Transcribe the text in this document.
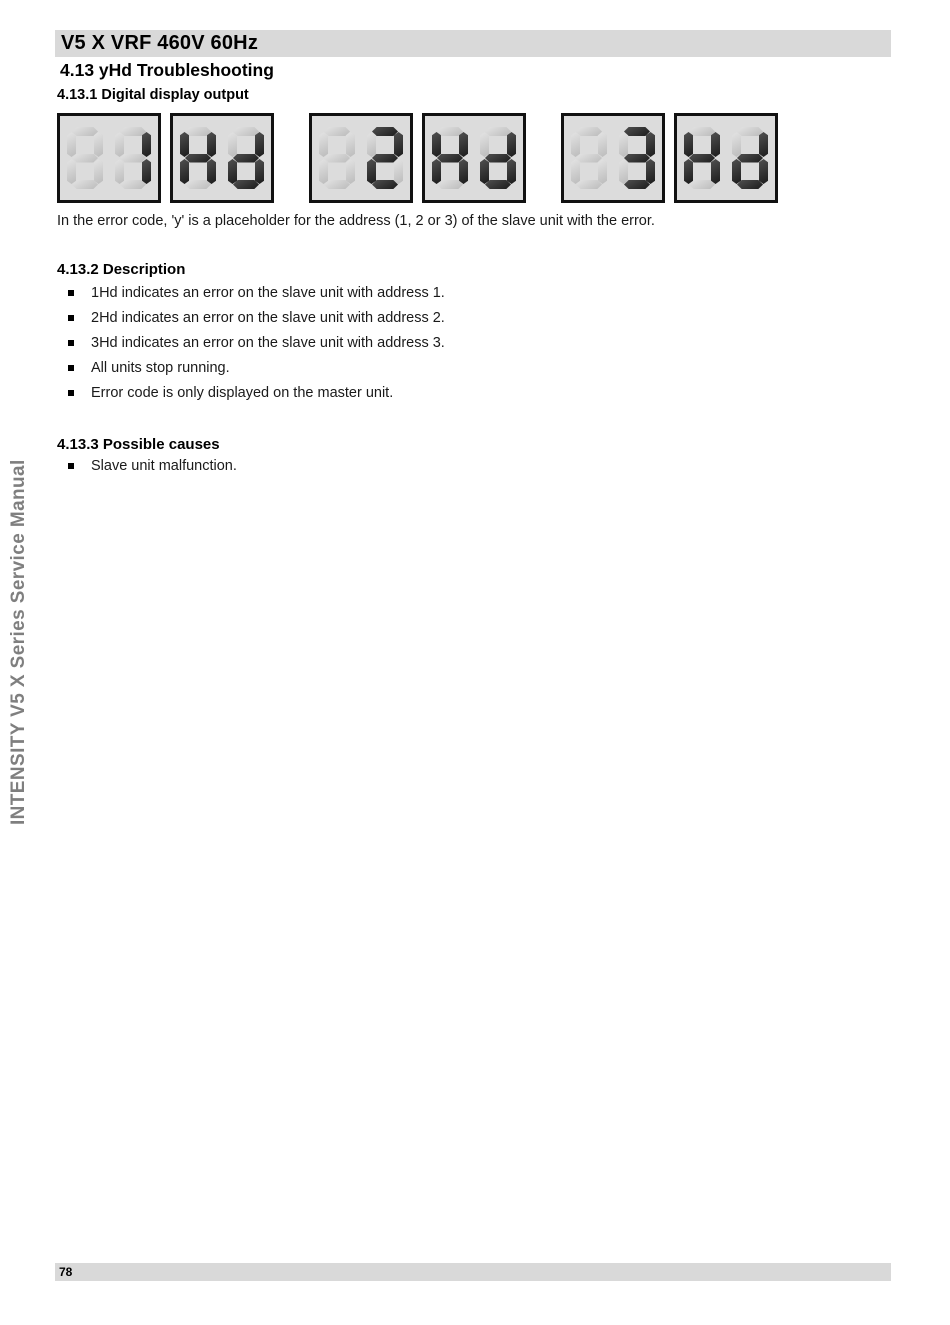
V5 X VRF 460V 60Hz
4.13 yHd Troubleshooting
4.13.1 Digital display output
In the error code, 'y' is a placeholder for the address (1, 2 or 3) of the slave unit with the error.
4.13.2 Description
1Hd indicates an error on the slave unit with address 1.
2Hd indicates an error on the slave unit with address 2.
3Hd indicates an error on the slave unit with address 3.
All units stop running.
Error code is only displayed on the master unit.
4.13.3 Possible causes
Slave unit malfunction.
INTENSITY V5 X Series Service Manual
78
